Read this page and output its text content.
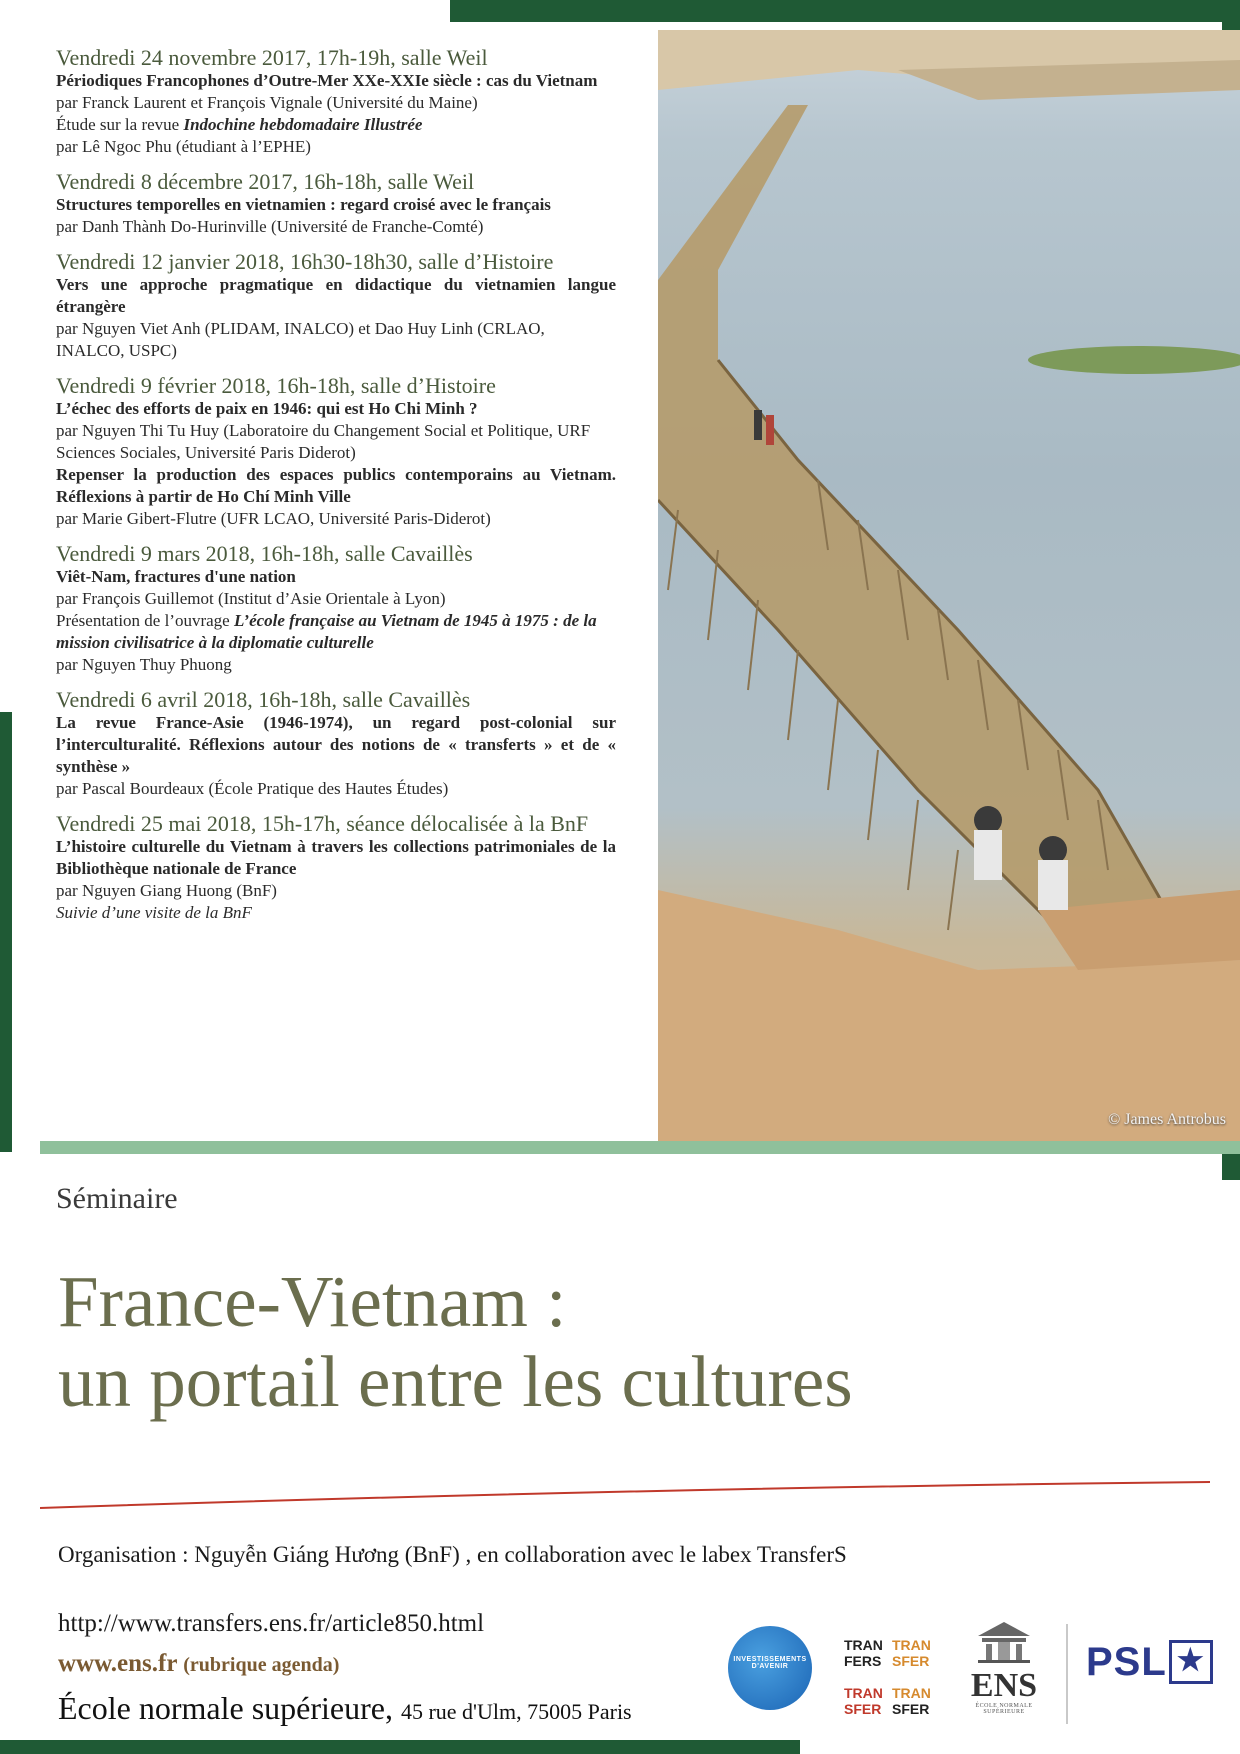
© James Antrobus
Vendredi 24 novembre 2017, 17h-19h, salle Weil
Périodiques Francophones d’Outre-Mer XXe-XXIe siècle : cas du Vietnam
par Franck Laurent et François Vignale (Université du Maine)
Étude sur la revue Indochine hebdomadaire Illustrée
par Lê Ngoc Phu (étudiant à l’EPHE)
Vendredi 8 décembre 2017, 16h-18h, salle Weil
Structures temporelles en vietnamien : regard croisé avec le français
par Danh Thành Do-Hurinville (Université de Franche-Comté)
Vendredi 12 janvier 2018, 16h30-18h30, salle d’Histoire
Vers une approche pragmatique en didactique du vietnamien langue étrangère
par Nguyen Viet Anh (PLIDAM, INALCO) et Dao Huy Linh (CRLAO, INALCO, USPC)
Vendredi 9 février 2018, 16h-18h, salle d’Histoire
L’échec des efforts de paix en 1946: qui est Ho Chi Minh ?
par Nguyen Thi Tu Huy (Laboratoire du Changement Social et Politique, URF Sciences Sociales, Université Paris Diderot)
Repenser la production des espaces publics contemporains au Vietnam. Réflexions à partir de Ho Chí Minh Ville
par Marie Gibert-Flutre (UFR LCAO, Université Paris-Diderot)
Vendredi 9 mars 2018, 16h-18h, salle Cavaillès
Viêt-Nam, fractures d'une nation
par François Guillemot (Institut d’Asie Orientale à Lyon)
Présentation de l’ouvrage L’école française au Vietnam de 1945 à 1975 : de la mission civilisatrice à la diplomatie culturelle
par Nguyen Thuy Phuong
Vendredi 6 avril 2018, 16h-18h, salle Cavaillès
La revue France-Asie (1946-1974), un regard post-colonial sur l’interculturalité. Réflexions autour des notions de « transferts » et de « synthèse »
par Pascal Bourdeaux (École Pratique des Hautes Études)
Vendredi 25 mai 2018, 15h-17h, séance délocalisée à la BnF
L’histoire culturelle du Vietnam à travers les collections patrimoniales de la Bibliothèque nationale de France
par Nguyen Giang Huong (BnF)
Suivie d’une visite de la BnF
Séminaire
France-Vietnam :
un portail entre les cultures
Organisation : Nguyễn Giáng Hương (BnF) , en collaboration avec le labex TransferS
http://www.transfers.ens.fr/article850.html
www.ens.fr (rubrique agenda)
École normale supérieure, 45 rue d'Ulm, 75005 Paris
INVESTISSEMENTS D'AVENIR
TRAN
FERS
TRAN
SFER
TRAN
SFER
TRAN
SFER
ENS
ÉCOLE NORMALE SUPÉRIEURE
PSL ★
